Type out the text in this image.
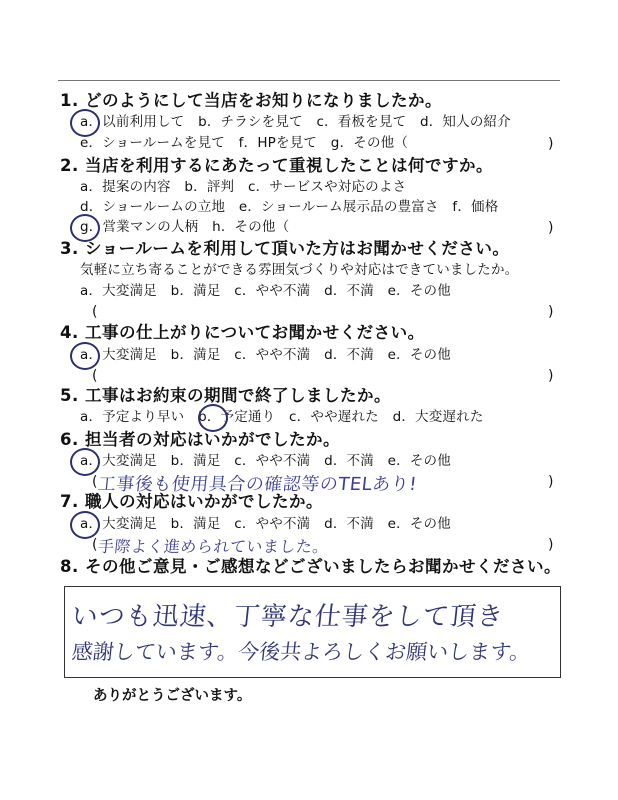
1. どのようにして当店をお知りになりましたか。
a．以前利用して　b．チラシを見て　c．看板を見て　d．知人の紹介
e．ショールームを見て　f．HPを見て　g．その他（	)
2. 当店を利用するにあたって重視したことは何ですか。
a．提案の内容　b．評判　c．サービスや対応のよさ
d．ショールームの立地　e．ショールーム展示品の豊富さ　f．価格
g．営業マンの人柄　h．その他（	)
3. ショールームを利用して頂いた方はお聞かせください。
気軽に立ち寄ることができる雰囲気づくりや対応はできていましたか。
a．大変満足　b．満足　c．やや不満　d．不満　e．その他
(	)
4. 工事の仕上がりについてお聞かせください。
a．大変満足　b．満足　c．やや不満　d．不満　e．その他
(	)
5. 工事はお約束の期間で終了しましたか。
a．予定より早い　b．予定通り　c．やや遅れた　d．大変遅れた
6. 担当者の対応はいかがでしたか。
a．大変満足　b．満足　c．やや不満　d．不満　e．その他
(	)
工事後も使用具合の確認等のTELあり!
7. 職人の対応はいかがでしたか。
a．大変満足　b．満足　c．やや不満　d．不満　e．その他
(	)
手際よく進められていました。
8. その他ご意見・ご感想などございましたらお聞かせください。
いつも迅速、丁寧な仕事をして頂き
感謝しています。今後共よろしくお願いします。
ありがとうございます。
